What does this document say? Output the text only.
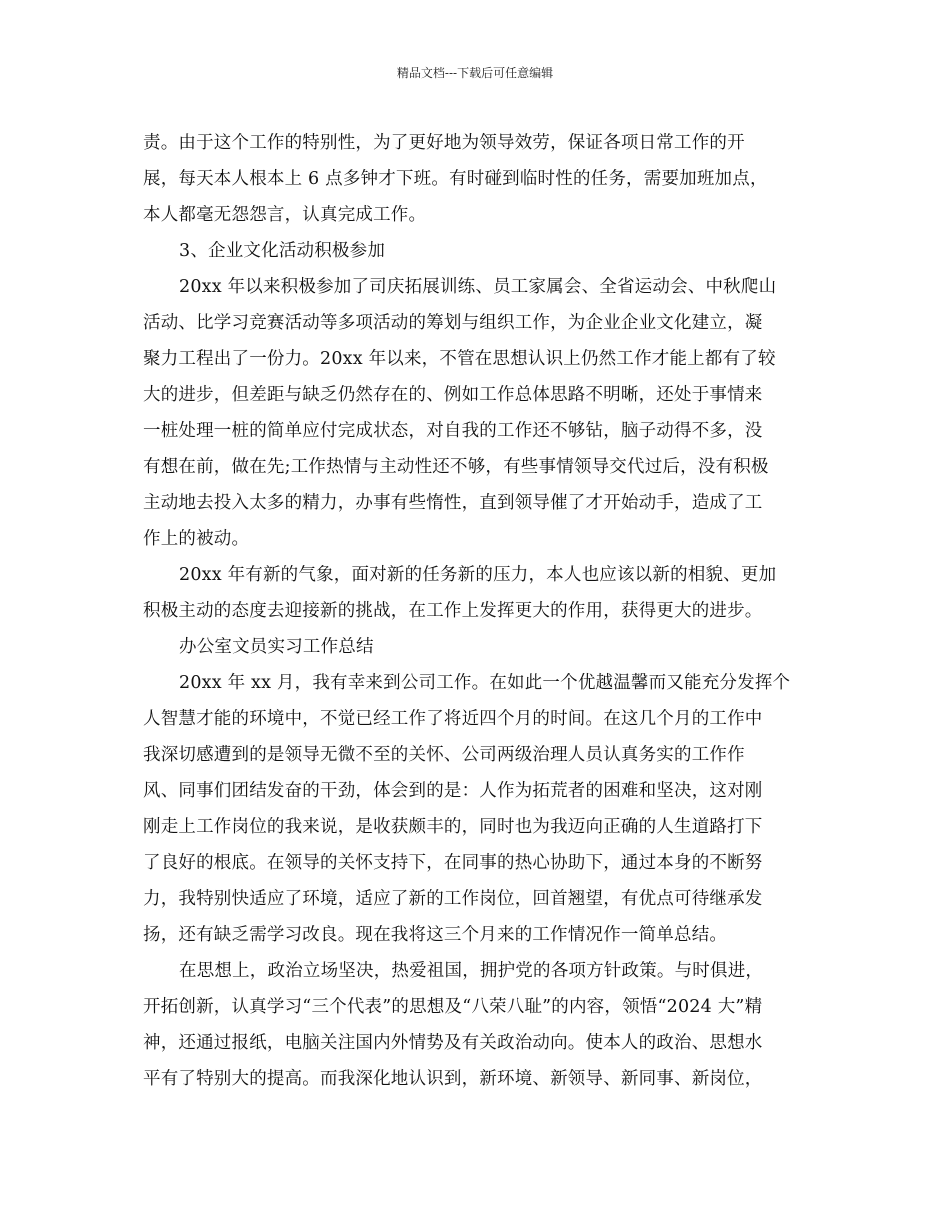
精品文档---下载后可任意编辑
责。由于这个工作的特别性，为了更好地为领导效劳，保证各项日常工作的开
展，每天本人根本上 6 点多钟才下班。有时碰到临时性的任务，需要加班加点，
本人都毫无怨怨言，认真完成工作。
3、企业文化活动积极参加
20xx 年以来积极参加了司庆拓展训练、员工家属会、全省运动会、中秋爬山
活动、比学习竞赛活动等多项活动的筹划与组织工作，为企业企业文化建立，凝
聚力工程出了一份力。20xx 年以来，不管在思想认识上仍然工作才能上都有了较
大的进步，但差距与缺乏仍然存在的、例如工作总体思路不明晰，还处于事情来
一桩处理一桩的简单应付完成状态，对自我的工作还不够钻，脑子动得不多，没
有想在前，做在先;工作热情与主动性还不够，有些事情领导交代过后，没有积极
主动地去投入太多的精力，办事有些惰性，直到领导催了才开始动手，造成了工
作上的被动。
20xx 年有新的气象，面对新的任务新的压力，本人也应该以新的相貌、更加
积极主动的态度去迎接新的挑战，在工作上发挥更大的作用，获得更大的进步。
办公室文员实习工作总结
20xx 年 xx 月，我有幸来到公司工作。在如此一个优越温馨而又能充分发挥个
人智慧才能的环境中，不觉已经工作了将近四个月的时间。在这几个月的工作中
我深切感遭到的是领导无微不至的关怀、公司两级治理人员认真务实的工作作
风、同事们团结发奋的干劲，体会到的是：人作为拓荒者的困难和坚决，这对刚
刚走上工作岗位的我来说，是收获颇丰的，同时也为我迈向正确的人生道路打下
了良好的根底。在领导的关怀支持下，在同事的热心协助下，通过本身的不断努
力，我特别快适应了环境，适应了新的工作岗位，回首翘望，有优点可待继承发
扬，还有缺乏需学习改良。现在我将这三个月来的工作情况作一简单总结。
在思想上，政治立场坚决，热爱祖国，拥护党的各项方针政策。与时俱进，
开拓创新，认真学习“三个代表”的思想及“八荣八耻”的内容，领悟“2024 大”精
神，还通过报纸，电脑关注国内外情势及有关政治动向。使本人的政治、思想水
平有了特别大的提高。而我深化地认识到，新环境、新领导、新同事、新岗位，
